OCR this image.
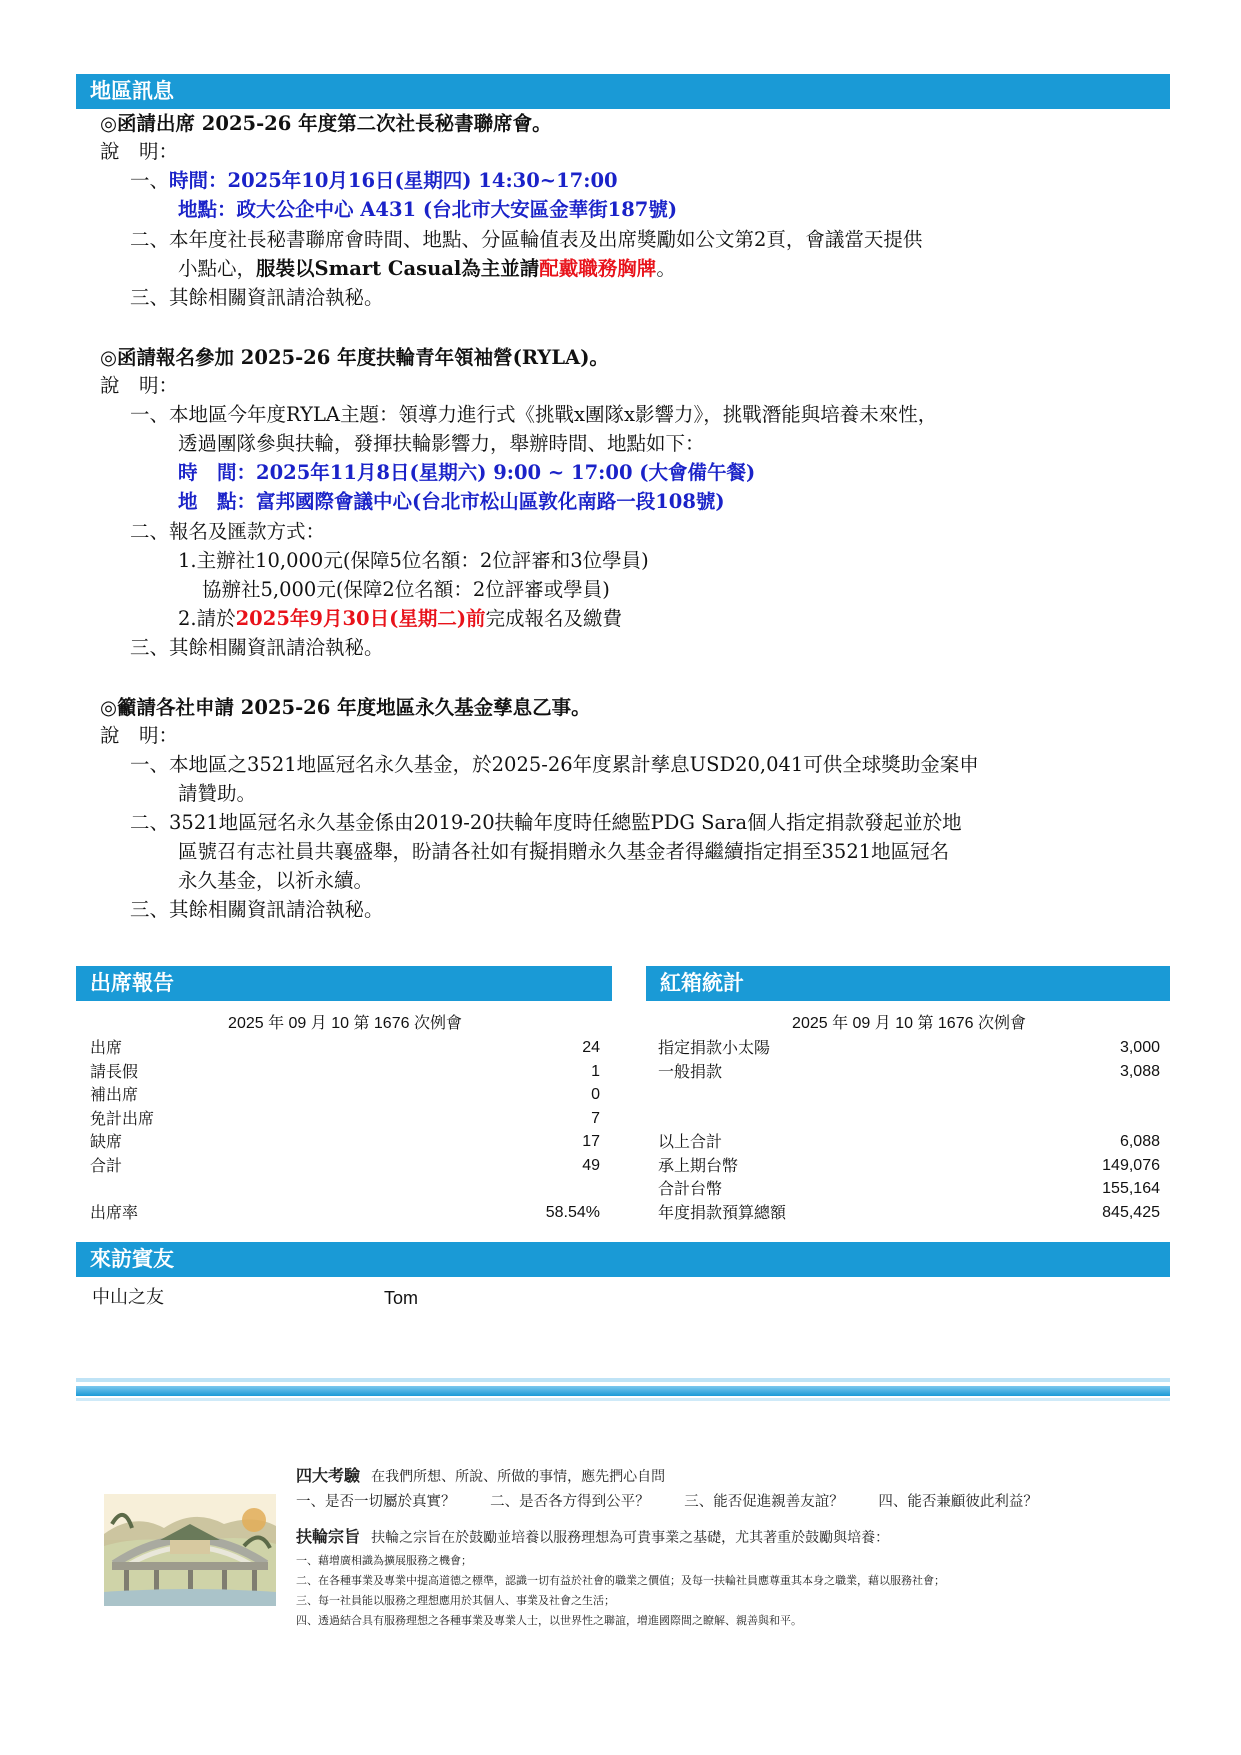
地區訊息
◎函請出席 2025-26 年度第二次社長秘書聯席會。
說　明：
一、時間：2025年10月16日(星期四) 14:30~17:00
地點：政大公企中心 A431 (台北市大安區金華街187號)
二、本年度社長秘書聯席會時間、地點、分區輪值表及出席獎勵如公文第2頁，會議當天提供
小點心，服裝以Smart Casual為主並請配戴職務胸牌。
三、其餘相關資訊請洽執秘。
◎函請報名參加 2025-26 年度扶輪青年領袖營(RYLA)。
說　明：
一、本地區今年度RYLA主題：領導力進行式《挑戰x團隊x影響力》，挑戰潛能與培養未來性，
透過團隊參與扶輪，發揮扶輪影響力，舉辦時間、地點如下：
時　間：2025年11月8日(星期六) 9:00 ~ 17:00 (大會備午餐)
地　點：富邦國際會議中心(台北市松山區敦化南路一段108號)
二、報名及匯款方式：
1.主辦社10,000元(保障5位名額：2位評審和3位學員)
協辦社5,000元(保障2位名額：2位評審或學員)
2.請於2025年9月30日(星期二)前完成報名及繳費
三、其餘相關資訊請洽執秘。
◎籲請各社申請 2025-26 年度地區永久基金孳息乙事。
說　明：
一、本地區之3521地區冠名永久基金，於2025-26年度累計孳息USD20,041可供全球獎助金案申
請贊助。
二、3521地區冠名永久基金係由2019-20扶輪年度時任總監PDG Sara個人指定捐款發起並於地
區號召有志社員共襄盛舉，盼請各社如有擬捐贈永久基金者得繼續指定捐至3521地區冠名
永久基金，以祈永續。
三、其餘相關資訊請洽執秘。
出席報告
2025 年 09 月 10 第 1676 次例會
出席	24
請長假	1
補出席	0
免計出席	7
缺席	17
合計	49
出席率	58.54%
紅箱統計
2025 年 09 月 10 第 1676 次例會
指定捐款小太陽	3,000
一般捐款	3,088
以上合計	6,088
承上期台幣	149,076
合計台幣	155,164
年度捐款預算總額	845,425
來訪賓友
中山之友	Tom
四大考驗 在我們所想、所說、所做的事情，應先捫心自問
一、是否一切屬於真實？ 二、是否各方得到公平？ 三、能否促進親善友誼？ 四、能否兼顧彼此利益？
扶輪宗旨 扶輪之宗旨在於鼓勵並培養以服務理想為可貴事業之基礎，尤其著重於鼓勵與培養：
一、藉增廣相識為擴展服務之機會；
二、在各種事業及專業中提高道德之標準，認識一切有益於社會的職業之價值；及每一扶輪社員應尊重其本身之職業，藉以服務社會；
三、每一社員能以服務之理想應用於其個人、事業及社會之生活；
四、透過結合具有服務理想之各種事業及專業人士，以世界性之聯誼，增進國際間之瞭解、親善與和平。
